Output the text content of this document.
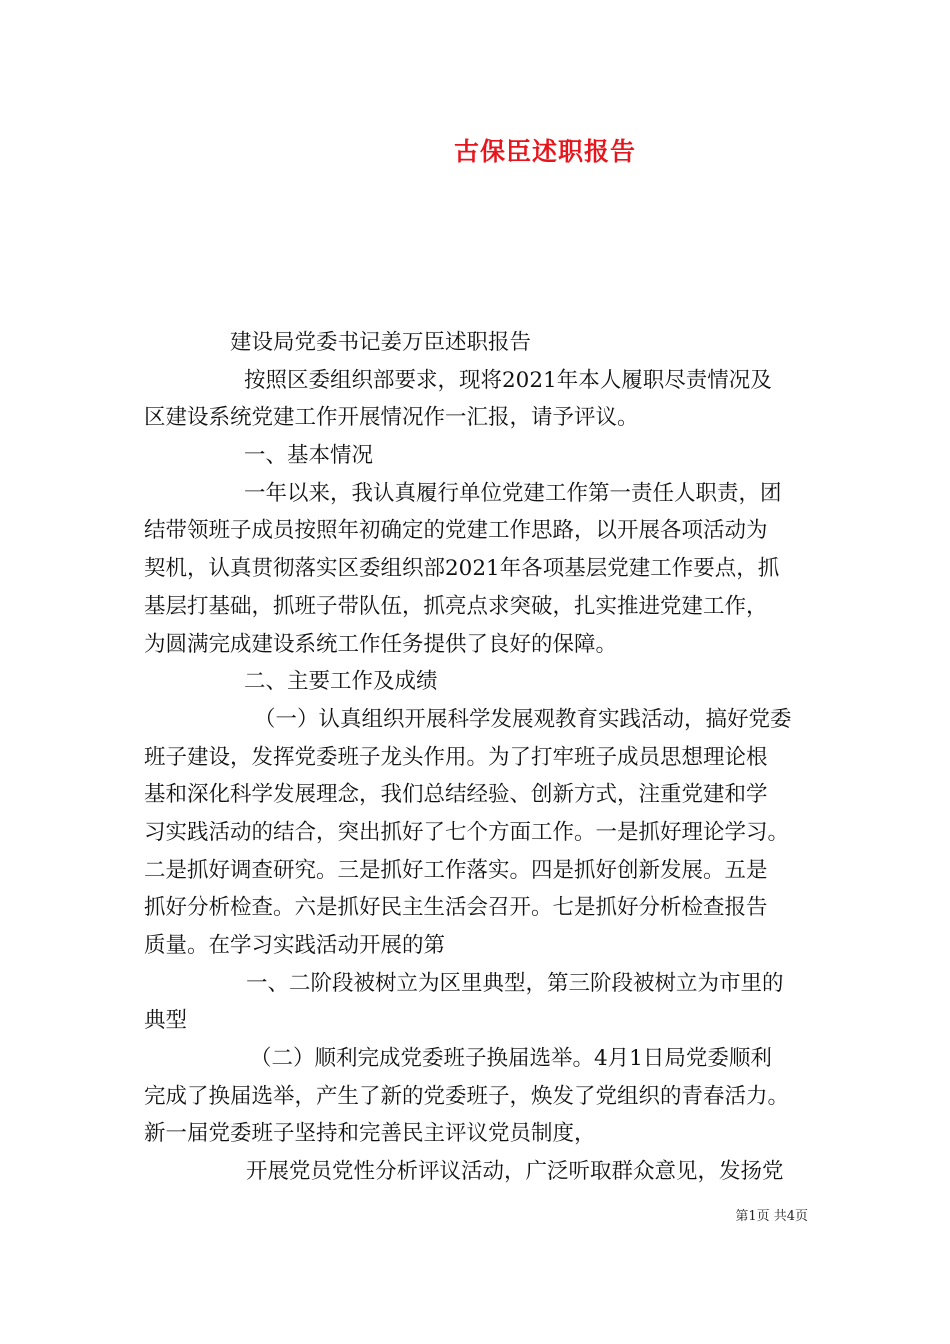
古保臣述职报告
建设局党委书记姜万臣述职报告
按照区委组织部要求，现将2021年本人履职尽责情况及
区建设系统党建工作开展情况作一汇报，请予评议。
一、基本情况
一年以来，我认真履行单位党建工作第一责任人职责，团
结带领班子成员按照年初确定的党建工作思路，以开展各项活动为
契机，认真贯彻落实区委组织部2021年各项基层党建工作要点，抓
基层打基础，抓班子带队伍，抓亮点求突破，扎实推进党建工作，
为圆满完成建设系统工作任务提供了良好的保障。
二、主要工作及成绩
（一）认真组织开展科学发展观教育实践活动，搞好党委
班子建设，发挥党委班子龙头作用。为了打牢班子成员思想理论根
基和深化科学发展理念，我们总结经验、创新方式，注重党建和学
习实践活动的结合，突出抓好了七个方面工作。一是抓好理论学习。
二是抓好调查研究。三是抓好工作落实。四是抓好创新发展。五是
抓好分析检查。六是抓好民主生活会召开。七是抓好分析检查报告
质量。在学习实践活动开展的第
一、二阶段被树立为区里典型，第三阶段被树立为市里的
典型
（二）顺利完成党委班子换届选举。4月1日局党委顺利
完成了换届选举，产生了新的党委班子，焕发了党组织的青春活力。
新一届党委班子坚持和完善民主评议党员制度，
开展党员党性分析评议活动，广泛听取群众意见，发扬党
第1页 共4页
